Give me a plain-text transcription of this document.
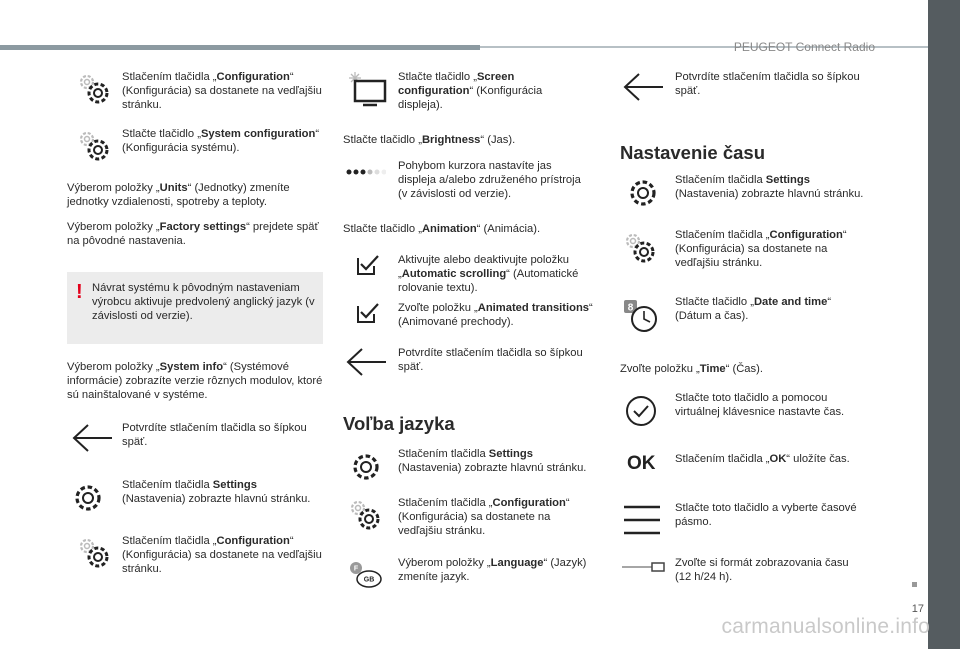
PEUGEOT Connect Radio
17
carmanualsonline.info
Stlačením tlačidla „Configuration“ (Konfigurácia) sa dostanete na vedľajšiu stránku.
Stlačte tlačidlo „System configuration“ (Konfigurácia systému).
Výberom položky „Units“ (Jednotky) zmeníte jednotky vzdialenosti, spotreby a teploty.
Výberom položky „Factory settings“ prejdete späť na pôvodné nastavenia.
! Návrat systému k pôvodným nastaveniam výrobcu aktivuje predvolený anglický jazyk (v závislosti od verzie).
Výberom položky „System info“ (Systémové informácie) zobrazíte verzie rôznych modulov, ktoré sú nainštalované v systéme.
Potvrdíte stlačením tlačidla so šípkou späť.
Stlačením tlačidla Settings (Nastavenia) zobrazte hlavnú stránku.
Stlačením tlačidla „Configuration“ (Konfigurácia) sa dostanete na vedľajšiu stránku.
Stlačte tlačidlo „Screen configuration“ (Konfigurácia displeja).
Stlačte tlačidlo „Brightness“ (Jas).
Pohybom kurzora nastavíte jas displeja a/alebo združeného prístroja (v závislosti od verzie).
Stlačte tlačidlo „Animation“ (Animácia).
Aktivujte alebo deaktivujte položku „Automatic scrolling“ (Automatické rolovanie textu).
Zvoľte položku „Animated transitions“ (Animované prechody).
Potvrdíte stlačením tlačidla so šípkou späť.
Voľba jazyka
Stlačením tlačidla Settings (Nastavenia) zobrazte hlavnú stránku.
Stlačením tlačidla „Configuration“ (Konfigurácia) sa dostanete na vedľajšiu stránku.
F
GB
Výberom položky „Language“ (Jazyk) zmeníte jazyk.
Potvrdíte stlačením tlačidla so šípkou späť.
Nastavenie času
Stlačením tlačidla Settings (Nastavenia) zobrazte hlavnú stránku.
Stlačením tlačidla „Configuration“ (Konfigurácia) sa dostanete na vedľajšiu stránku.
8	Stlačte tlačidlo „Date and time“ (Dátum a čas).
Zvoľte položku „Time“ (Čas).
Stlačte toto tlačidlo a pomocou virtuálnej klávesnice nastavte čas.
OK Stlačením tlačidla „OK“ uložíte čas.
Stlačte toto tlačidlo a vyberte časové pásmo.
Zvoľte si formát zobrazovania času (12 h/24 h).
